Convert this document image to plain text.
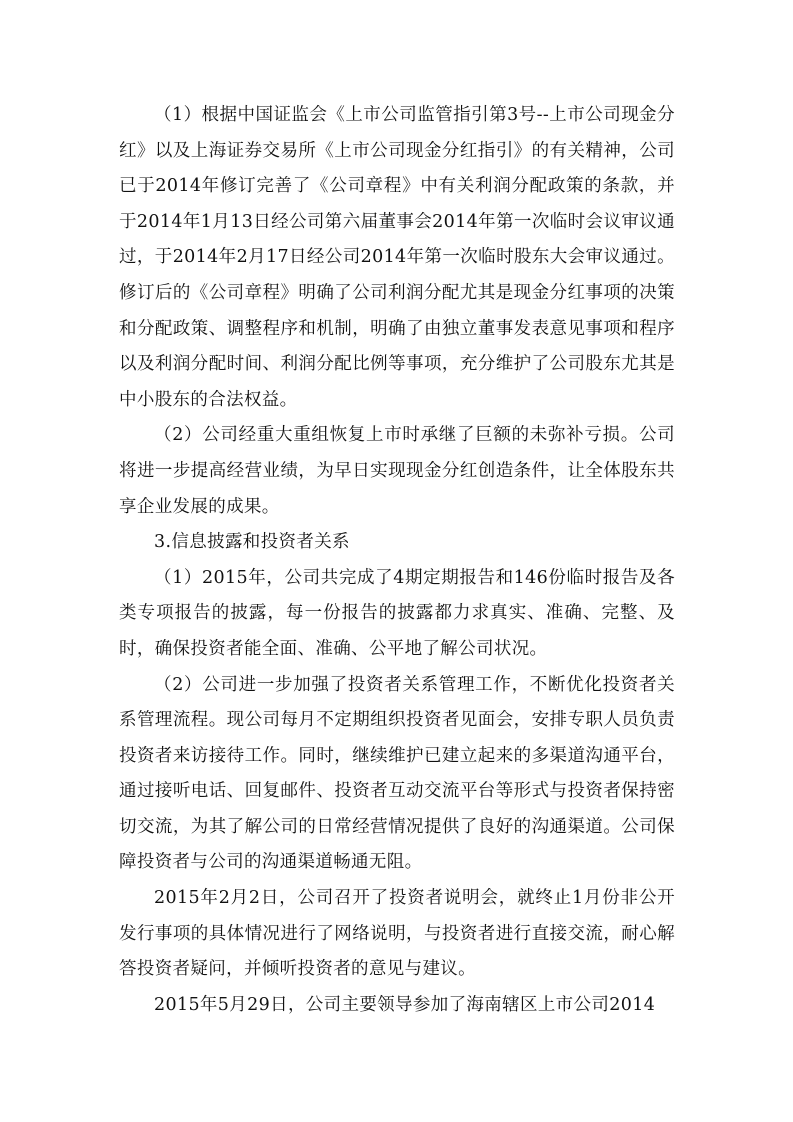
（1）根据中国证监会《上市公司监管指引第3号--上市公司现金分红》以及上海证券交易所《上市公司现金分红指引》的有关精神，公司已于2014年修订完善了《公司章程》中有关利润分配政策的条款，并于2014年1月13日经公司第六届董事会2014年第一次临时会议审议通过，于2014年2月17日经公司2014年第一次临时股东大会审议通过。修订后的《公司章程》明确了公司利润分配尤其是现金分红事项的决策和分配政策、调整程序和机制，明确了由独立董事发表意见事项和程序以及利润分配时间、利润分配比例等事项，充分维护了公司股东尤其是中小股东的合法权益。

（2）公司经重大重组恢复上市时承继了巨额的未弥补亏损。公司将进一步提高经营业绩，为早日实现现金分红创造条件，让全体股东共享企业发展的成果。

3.信息披露和投资者关系

（1）2015年，公司共完成了4期定期报告和146份临时报告及各类专项报告的披露，每一份报告的披露都力求真实、准确、完整、及时，确保投资者能全面、准确、公平地了解公司状况。

（2）公司进一步加强了投资者关系管理工作，不断优化投资者关系管理流程。现公司每月不定期组织投资者见面会，安排专职人员负责投资者来访接待工作。同时，继续维护已建立起来的多渠道沟通平台，通过接听电话、回复邮件、投资者互动交流平台等形式与投资者保持密切交流，为其了解公司的日常经营情况提供了良好的沟通渠道。公司保障投资者与公司的沟通渠道畅通无阻。

2015年2月2日，公司召开了投资者说明会，就终止1月份非公开发行事项的具体情况进行了网络说明，与投资者进行直接交流，耐心解答投资者疑问，并倾听投资者的意见与建议。

2015年5月29日，公司主要领导参加了海南辖区上市公司2014
